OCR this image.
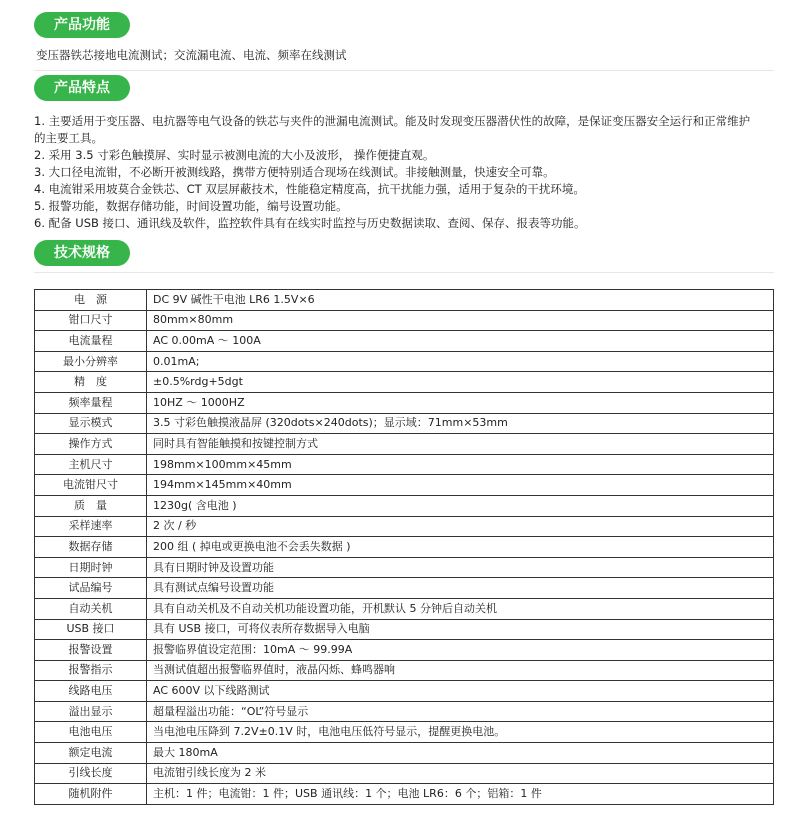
产品功能
变压器铁芯接地电流测试；交流漏电流、电流、频率在线测试
产品特点
1. 主要适用于变压器、电抗器等电气设备的铁芯与夹件的泄漏电流测试。能及时发现变压器潜伏性的故障，是保证变压器安全运行和正常维护
的主要工具。
2. 采用 3.5 寸彩色触摸屏、实时显示被测电流的大小及波形， 操作便捷直观。
3. 大口径电流钳，不必断开被测线路，携带方便特别适合现场在线测试。非接触测量，快速安全可靠。
4. 电流钳采用坡莫合金铁芯、CT 双层屏蔽技术，性能稳定精度高，抗干扰能力强，适用于复杂的干扰环境。
5. 报警功能，数据存储功能，时间设置功能，编号设置功能。
6. 配备 USB 接口、通讯线及软件，监控软件具有在线实时监控与历史数据读取、查阅、保存、报表等功能。
技术规格
电　源	DC 9V 碱性干电池 LR6 1.5V×6
钳口尺寸	80mm×80mm
电流量程	AC 0.00mA ～ 100A
最小分辨率	0.01mA;
精　度	±0.5%rdg+5dgt
频率量程	10HZ ～ 1000HZ
显示模式	3.5 寸彩色触摸液晶屏 (320dots×240dots)；显示域：71mm×53mm
操作方式	同时具有智能触摸和按键控制方式
主机尺寸	198mm×100mm×45mm
电流钳尺寸	194mm×145mm×40mm
质　量	1230g( 含电池 )
采样速率	2 次 / 秒
数据存储	200 组 ( 掉电或更换电池不会丢失数据 )
日期时钟	具有日期时钟及设置功能
试品编号	具有测试点编号设置功能
自动关机	具有自动关机及不自动关机功能设置功能，开机默认 5 分钟后自动关机
USB 接口	具有 USB 接口，可将仪表所存数据导入电脑
报警设置	报警临界值设定范围：10mA ～ 99.99A
报警指示	当测试值超出报警临界值时，液晶闪烁、蜂鸣器响
线路电压	AC 600V 以下线路测试
溢出显示	超量程溢出功能：“OL”符号显示
电池电压	当电池电压降到 7.2V±0.1V 时，电池电压低符号显示，提醒更换电池。
额定电流	最大 180mA
引线长度	电流钳引线长度为 2 米
随机附件	主机：1 件；电流钳：1 件；USB 通讯线：1 个；电池 LR6：6 个；铝箱：1 件
